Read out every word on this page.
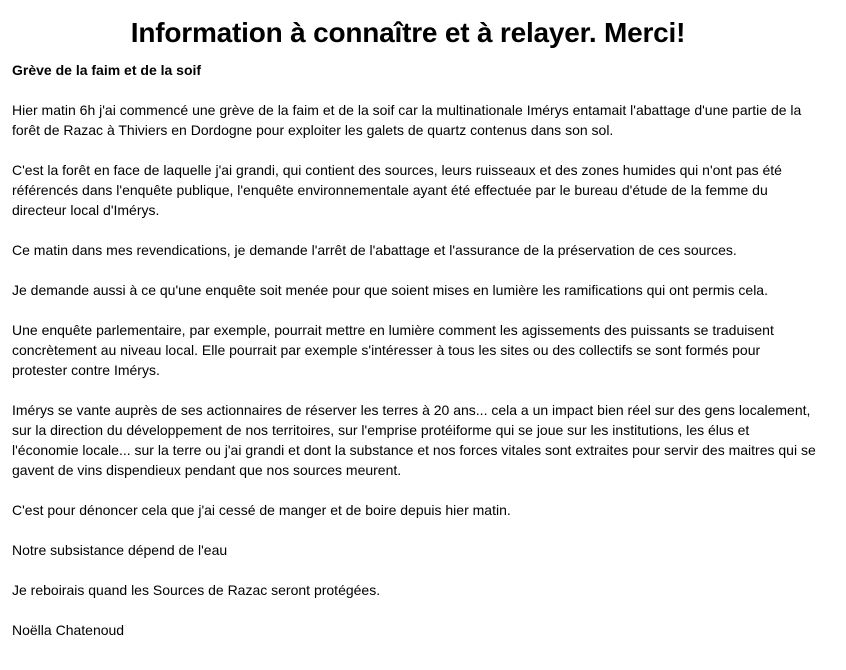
Information à connaître et à relayer. Merci!

Grève de la faim et de la soif

Hier matin 6h j'ai commencé une grève de la faim et de la soif car la multinationale Imérys entamait l'abattage d'une partie de la forêt de Razac à Thiviers en Dordogne pour exploiter les galets de quartz contenus dans son sol.

C'est la forêt en face de laquelle j'ai grandi, qui contient des sources, leurs ruisseaux et des zones humides qui n'ont pas été référencés dans l'enquête publique, l'enquête environnementale ayant été effectuée par le bureau d'étude de la femme du directeur local d'Imérys.

Ce matin dans mes revendications, je demande l'arrêt de l'abattage et l'assurance de la préservation de ces sources.

Je demande aussi à ce qu'une enquête soit menée pour que soient mises en lumière les ramifications qui ont permis cela.

Une enquête parlementaire, par exemple, pourrait mettre en lumière comment les agissements des puissants se traduisent concrètement au niveau local. Elle pourrait par exemple s'intéresser à tous les sites ou des collectifs se sont formés pour protester contre Imérys.

Imérys se vante auprès de ses actionnaires de réserver les terres à 20 ans... cela a un impact bien réel sur des gens localement, sur la direction du développement de nos territoires, sur l'emprise protéiforme qui se joue sur les institutions, les élus et l'économie locale... sur la terre ou j'ai grandi et dont la substance et nos forces vitales sont extraites pour servir des maitres qui se gavent de vins dispendieux pendant que nos sources meurent.

C'est pour dénoncer cela que j'ai cessé de manger et de boire depuis hier matin.

Notre subsistance dépend de l'eau

Je reboirais quand les Sources de Razac seront protégées.

Noëlla Chatenoud
